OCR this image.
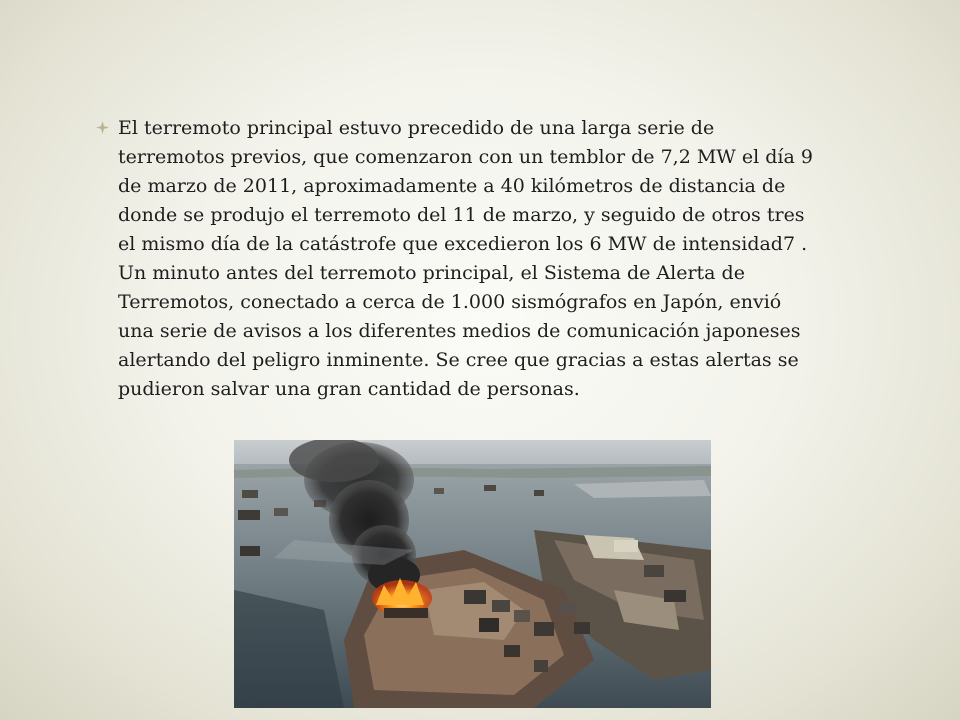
El terremoto principal estuvo precedido de una larga serie de terremotos previos, que comenzaron con un temblor de 7,2 MW el día 9 de marzo de 2011, aproximadamente a 40 kilómetros de distancia de donde se produjo el terremoto del 11 de marzo, y seguido de otros tres el mismo día de la catástrofe que excedieron los 6 MW de intensidad7 . Un minuto antes del terremoto principal, el Sistema de Alerta de Terremotos, conectado a cerca de 1.000 sismógrafos en Japón, envió una serie de avisos a los diferentes medios de comunicación japoneses alertando del peligro inminente. Se cree que gracias a estas alertas se pudieron salvar una gran cantidad de personas.
